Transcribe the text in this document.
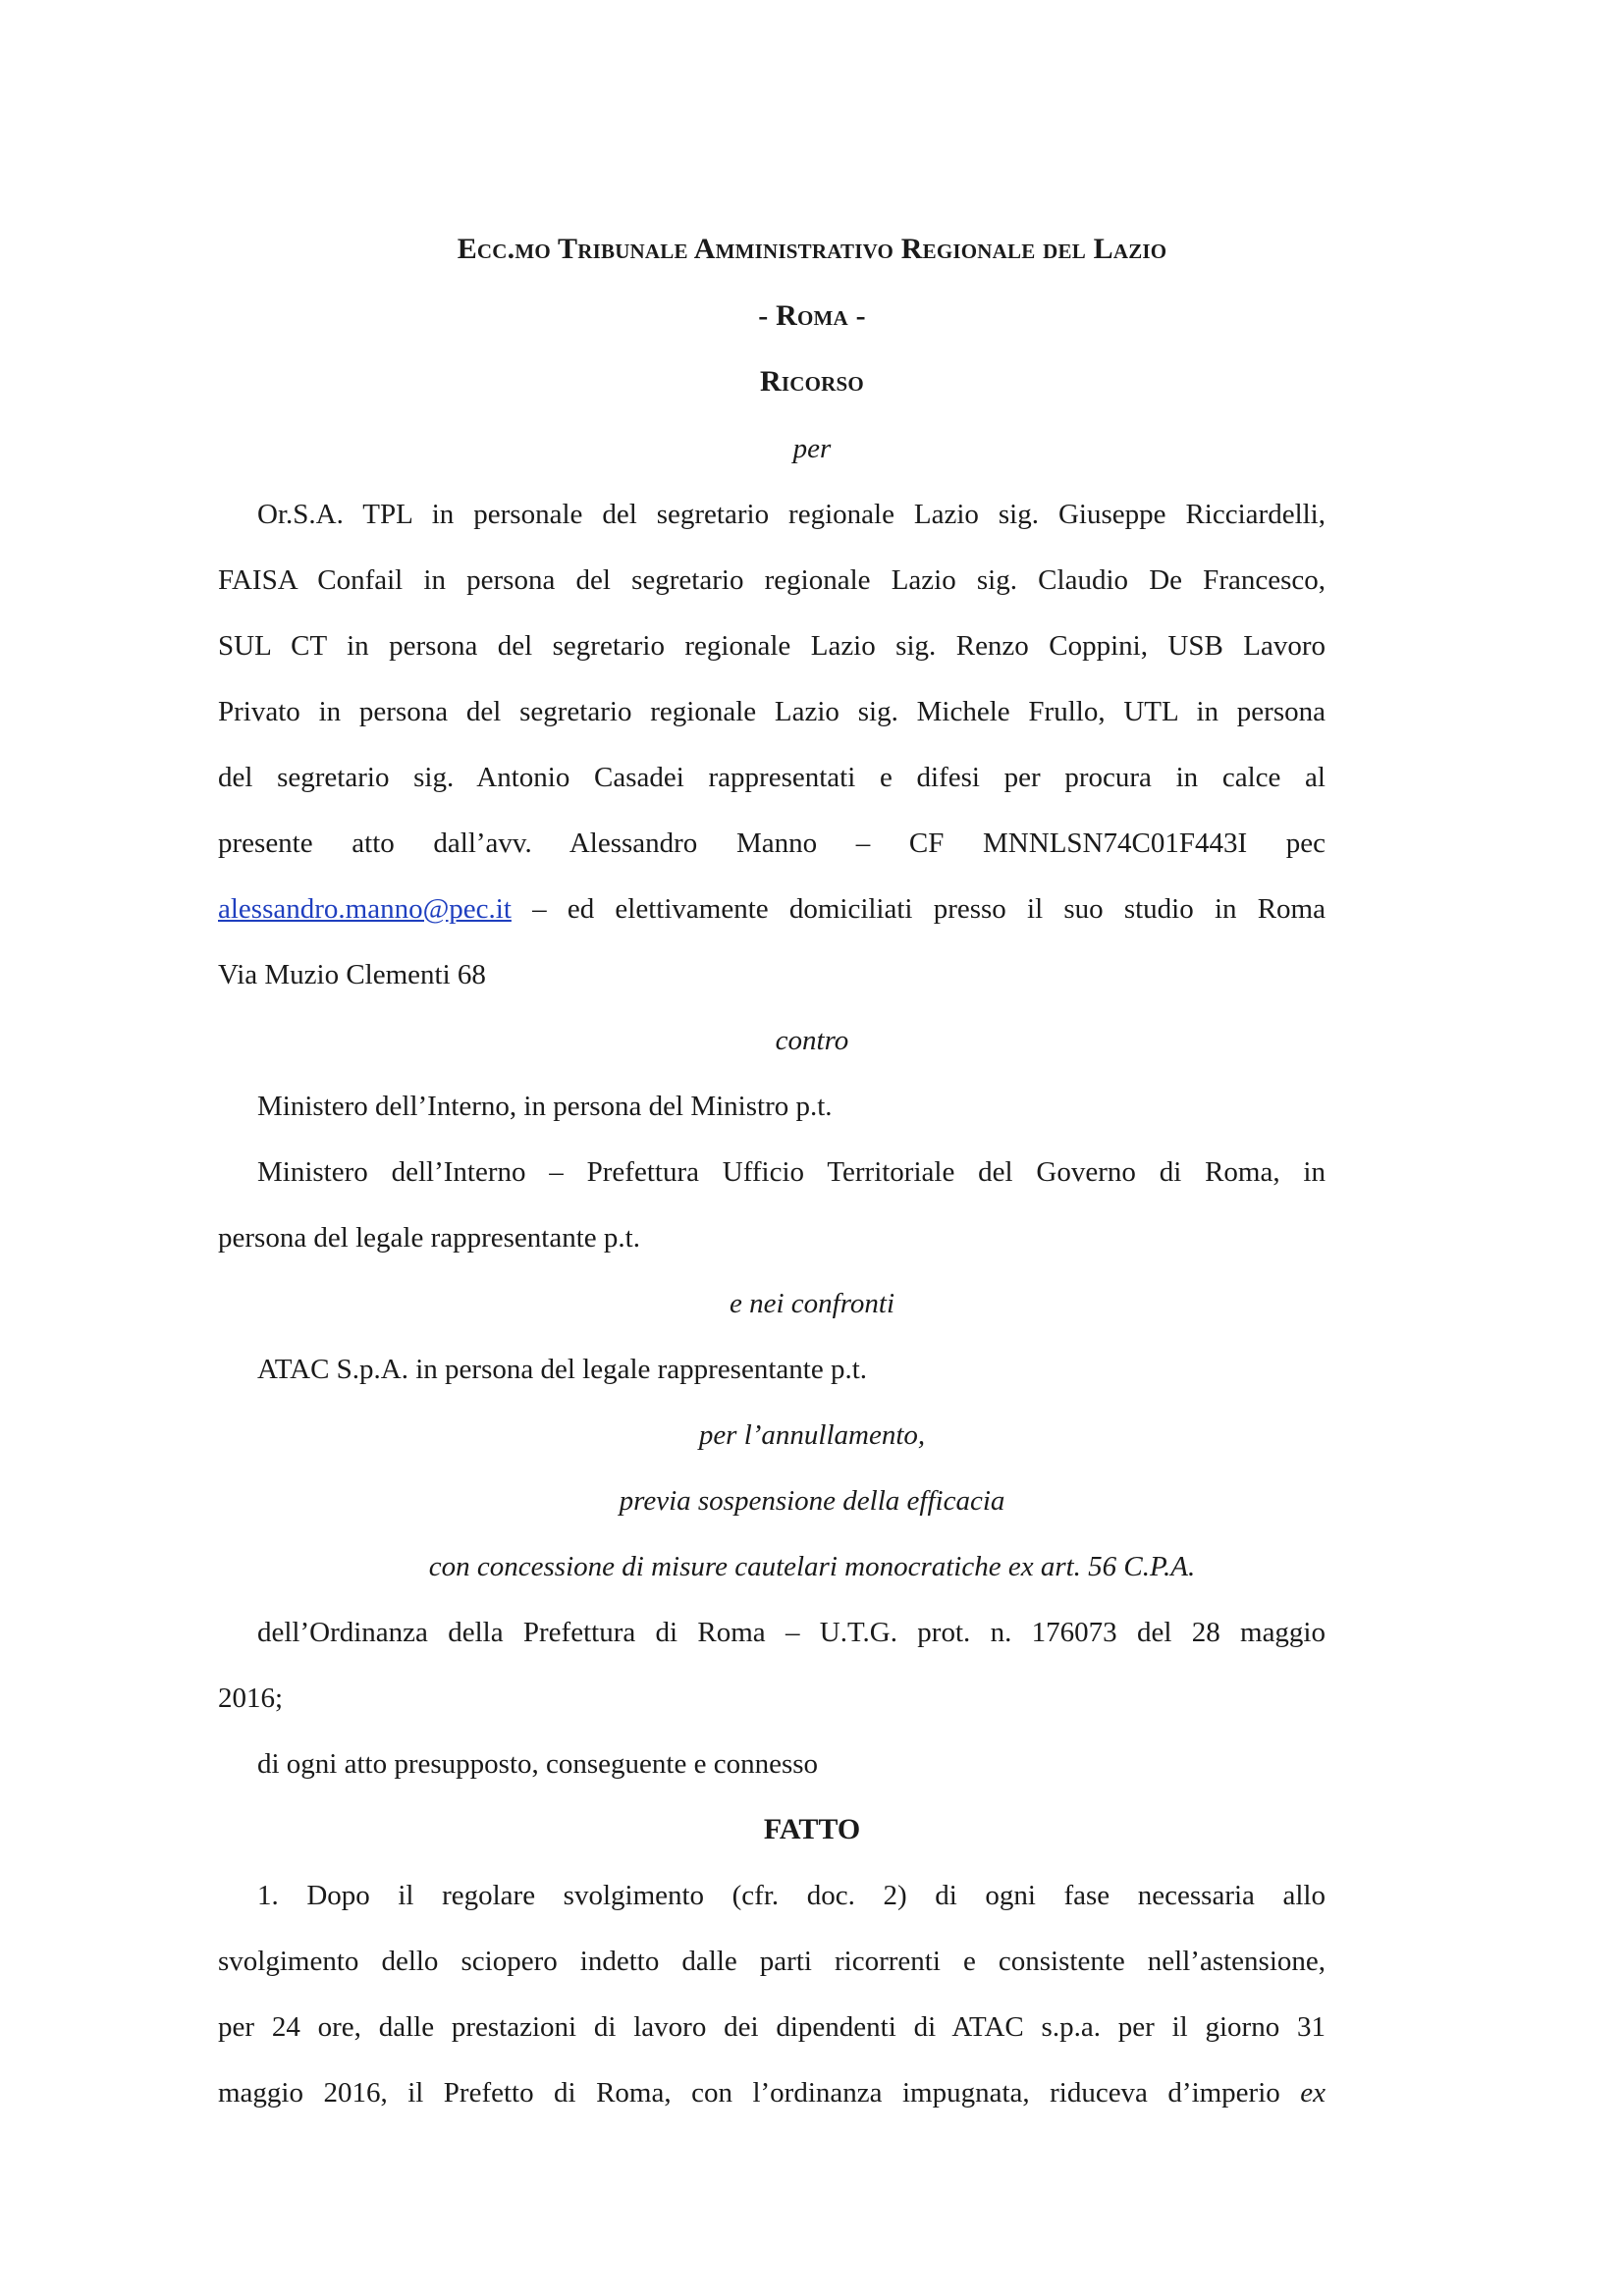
Ecc.mo Tribunale Amministrativo Regionale del Lazio
- Roma -
Ricorso
per
Or.S.A. TPL in personale del segretario regionale Lazio sig. Giuseppe Ricciardelli,
FAISA Confail in persona del segretario regionale Lazio sig. Claudio De Francesco,
SUL CT in persona del segretario regionale Lazio sig. Renzo Coppini, USB Lavoro
Privato in persona del segretario regionale Lazio sig. Michele Frullo, UTL in persona
del segretario sig. Antonio Casadei rappresentati e difesi per procura in calce al
presente atto dall’avv. Alessandro Manno – CF MNNLSN74C01F443I pec
alessandro.manno@pec.it – ed elettivamente domiciliati presso il suo studio in Roma
Via Muzio Clementi 68
contro
Ministero dell’Interno, in persona del Ministro p.t.
Ministero dell’Interno – Prefettura Ufficio Territoriale del Governo di Roma, in
persona del legale rappresentante p.t.
e nei confronti
ATAC S.p.A. in persona del legale rappresentante p.t.
per l’annullamento,
previa sospensione della efficacia
con concessione di misure cautelari monocratiche ex art. 56 C.P.A.
dell’Ordinanza della Prefettura di Roma – U.T.G. prot. n. 176073 del 28 maggio
2016;
di ogni atto presupposto, conseguente e connesso
FATTO
1. Dopo il regolare svolgimento (cfr. doc. 2) di ogni fase necessaria allo
svolgimento dello sciopero indetto dalle parti ricorrenti e consistente nell’astensione,
per 24 ore, dalle prestazioni di lavoro dei dipendenti di ATAC s.p.a. per il giorno 31
maggio 2016, il Prefetto di Roma, con l’ordinanza impugnata, riduceva d’imperio ex
